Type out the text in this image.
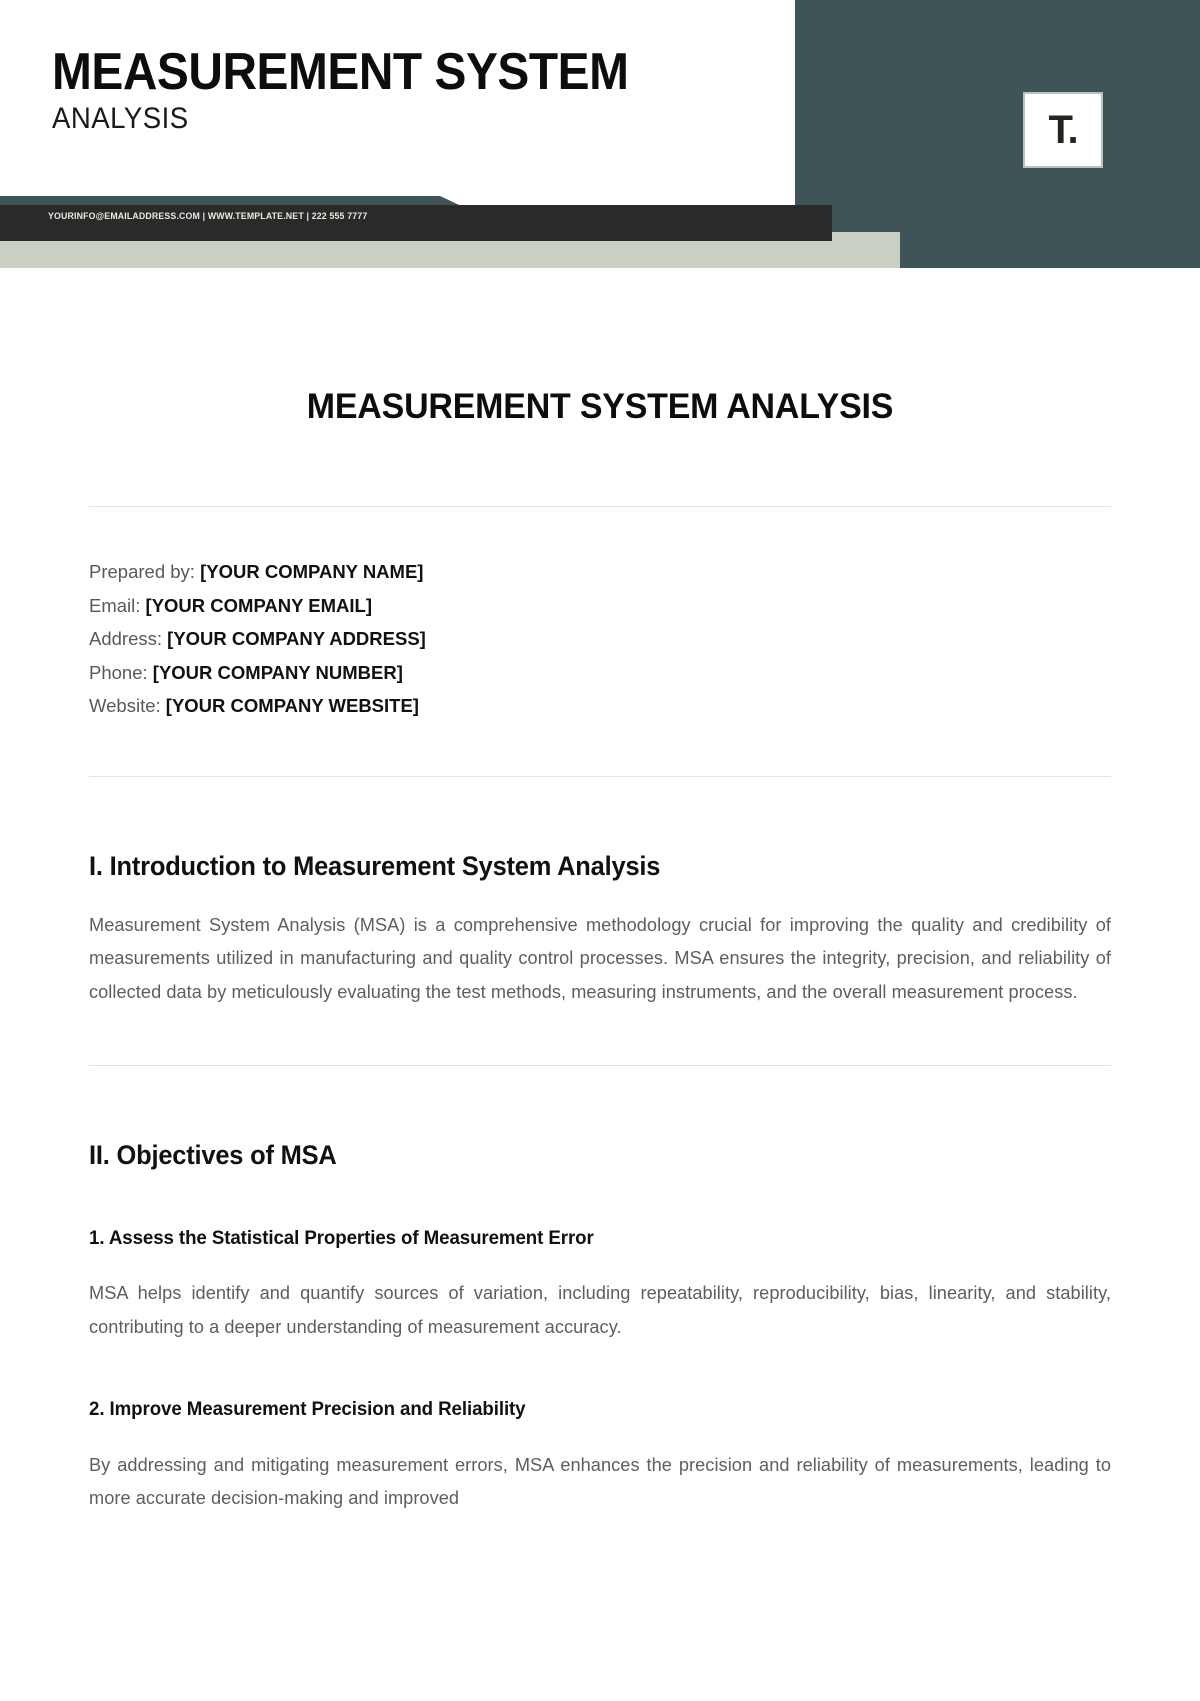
MEASUREMENT SYSTEM
ANALYSIS
YOURINFO@EMAILADDRESS.COM | WWW.TEMPLATE.NET | 222 555 7777
T.
MEASUREMENT SYSTEM ANALYSIS
Prepared by: [YOUR COMPANY NAME]
Email: [YOUR COMPANY EMAIL]
Address: [YOUR COMPANY ADDRESS]
Phone: [YOUR COMPANY NUMBER]
Website: [YOUR COMPANY WEBSITE]
I. Introduction to Measurement System Analysis

Measurement System Analysis (MSA) is a comprehensive methodology crucial for improving the quality and credibility of measurements utilized in manufacturing and quality control processes. MSA ensures the integrity, precision, and reliability of collected data by meticulously evaluating the test methods, measuring instruments, and the overall measurement process.

II. Objectives of MSA
1. Assess the Statistical Properties of Measurement Error

MSA helps identify and quantify sources of variation, including repeatability, reproducibility, bias, linearity, and stability, contributing to a deeper understanding of measurement accuracy.

2. Improve Measurement Precision and Reliability

By addressing and mitigating measurement errors, MSA enhances the precision and reliability of measurements, leading to more accurate decision-making and improved
